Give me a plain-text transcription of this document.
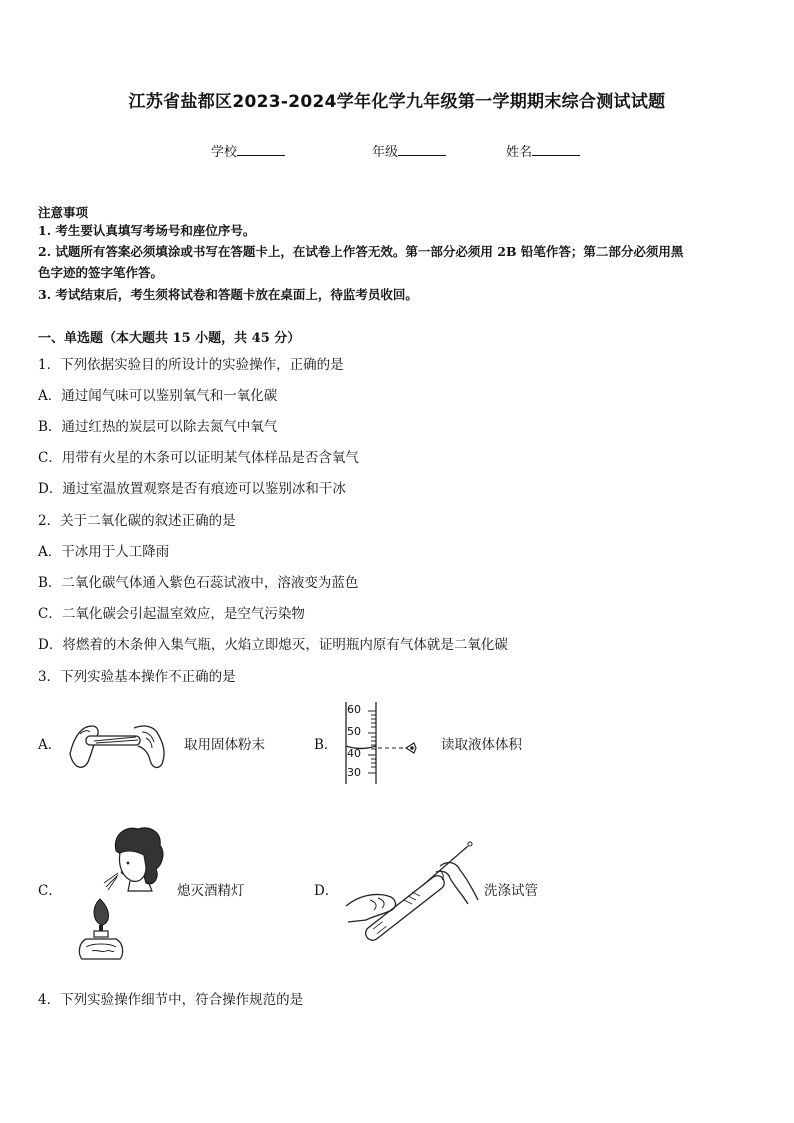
江苏省盐都区2023-2024学年化学九年级第一学期期末综合测试试题
学校	年级	姓名
注意事项
1. 考生要认真填写考场号和座位序号。
2. 试题所有答案必须填涂或书写在答题卡上，在试卷上作答无效。第一部分必须用 2B 铅笔作答；第二部分必须用黑
色字迹的签字笔作答。
3. 考试结束后，考生须将试卷和答题卡放在桌面上，待监考员收回。
一、单选题（本大题共 15 小题，共 45 分）
1．下列依据实验目的所设计的实验操作，正确的是
A．通过闻气味可以鉴别氧气和一氧化碳
B．通过红热的炭层可以除去氮气中氧气
C．用带有火星的木条可以证明某气体样品是否含氧气
D．通过室温放置观察是否有痕迹可以鉴别冰和干冰
2．关于二氧化碳的叙述正确的是
A．干冰用于人工降雨
B．二氧化碳气体通入紫色石蕊试液中，溶液变为蓝色
C．二氧化碳会引起温室效应，是空气污染物
D．将燃着的木条伸入集气瓶，火焰立即熄灭，证明瓶内原有气体就是二氧化碳
3．下列实验基本操作不正确的是
A．	取用固体粉末	B．
60
50
40
30
读取液体体积
C．	熄灭酒精灯	D．	洗涤试管
4．下列实验操作细节中，符合操作规范的是
